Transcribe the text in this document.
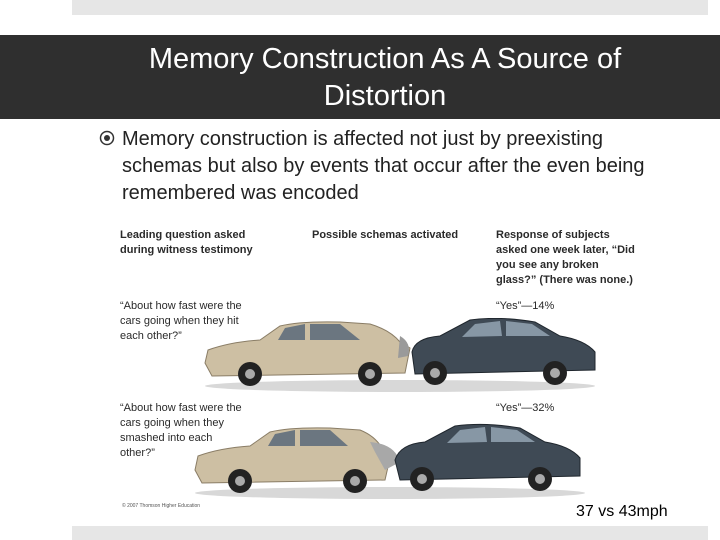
Memory Construction As A Source of Distortion
Memory construction is affected not just by preexisting schemas but also by events that occur after the even being remembered was encoded
Leading question asked during witness testimony
Possible schemas activated	Response of subjects asked one week later, “Did you see any broken glass?” (There was none.)
“About how fast were the cars going when they hit each other?”
“Yes”—14%
“About how fast were the cars going when they smashed into each other?”
“Yes”—32%
© 2007 Thomson Higher Education	37 vs 43mph
